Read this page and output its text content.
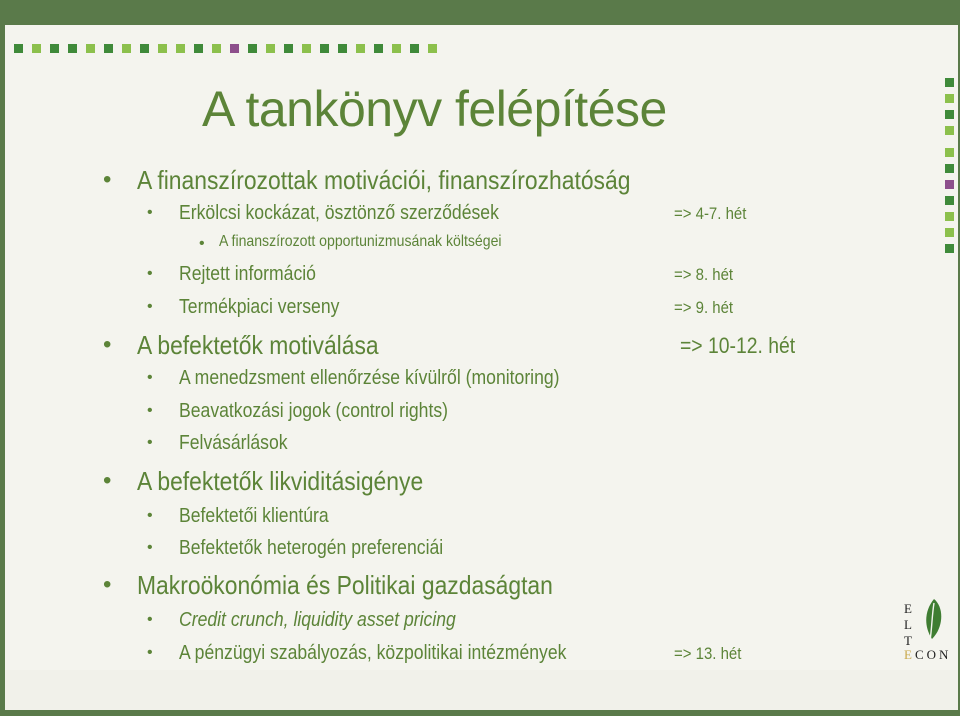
A tankönyv felépítése
• A finanszírozottak motivációi, finanszírozhatóság
• Erkölcsi kockázat, ösztönző szerződések	=> 4-7. hét
• A finanszírozott opportunizmusának költségei
• Rejtett információ	=> 8. hét
• Termékpiaci verseny	=> 9. hét
• A befektetők motiválása	=> 10-12. hét
• A menedzsment ellenőrzése kívülről (monitoring)
• Beavatkozási jogok (control rights)
• Felvásárlások
• A befektetők likviditásigénye
• Befektetői klientúra
• Befektetők heterogén preferenciái
• Makroökonómia és Politikai gazdaságtan
• Credit crunch, liquidity asset pricing
• A pénzügyi szabályozás, közpolitikai intézmények	=> 13. hét
E
L
T
E CON
